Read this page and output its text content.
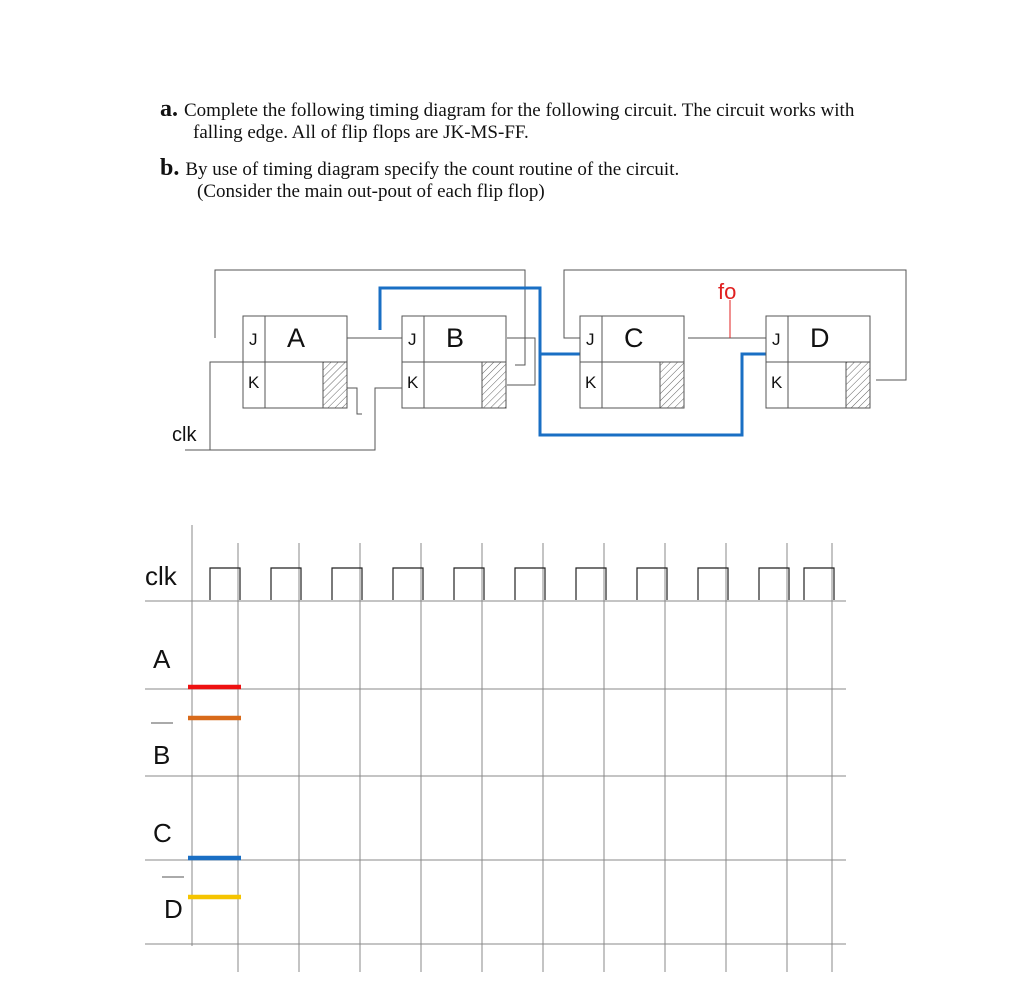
a. Complete the following timing diagram for the following circuit. The circuit works with
falling edge. All of flip flops are JK-MS-FF.
b. By use of timing diagram specify the count routine of the circuit.
(Consider the main out-pout of each flip flop)
J
K
A	J
K
B	J
K
C	J
K
D
clk
fo
clk
A
B
C
D
